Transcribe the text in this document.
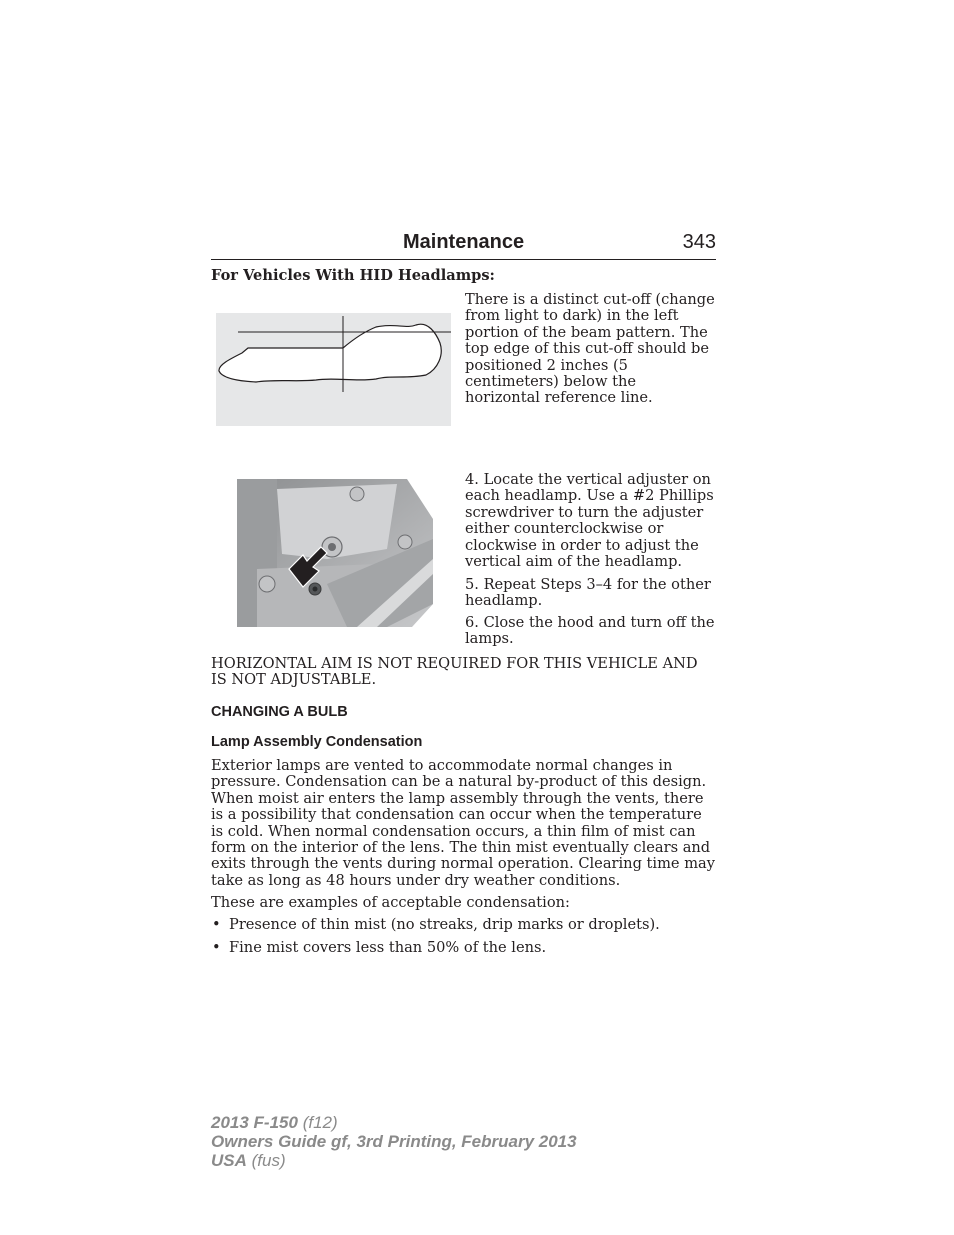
Maintenance	343

For Vehicles With HID Headlamps:

There is a distinct cut-off (change from light to dark) in the left portion of the beam pattern. The top edge of this cut-off should be positioned 2 inches (5 centimeters) below the horizontal reference line.

4. Locate the vertical adjuster on each headlamp. Use a #2 Phillips screwdriver to turn the adjuster either counterclockwise or clockwise in order to adjust the vertical aim of the headlamp.

5. Repeat Steps 3–4 for the other headlamp.

6. Close the hood and turn off the lamps.

HORIZONTAL AIM IS NOT REQUIRED FOR THIS VEHICLE AND IS NOT ADJUSTABLE.

CHANGING A BULB

Lamp Assembly Condensation

Exterior lamps are vented to accommodate normal changes in pressure. Condensation can be a natural by-product of this design. When moist air enters the lamp assembly through the vents, there is a possibility that condensation can occur when the temperature is cold. When normal condensation occurs, a thin film of mist can form on the interior of the lens. The thin mist eventually clears and exits through the vents during normal operation. Clearing time may take as long as 48 hours under dry weather conditions.

These are examples of acceptable condensation:

• Presence of thin mist (no streaks, drip marks or droplets).
• Fine mist covers less than 50% of the lens.
2013 F-150 (f12)
Owners Guide gf, 3rd Printing, February 2013
USA (fus)
